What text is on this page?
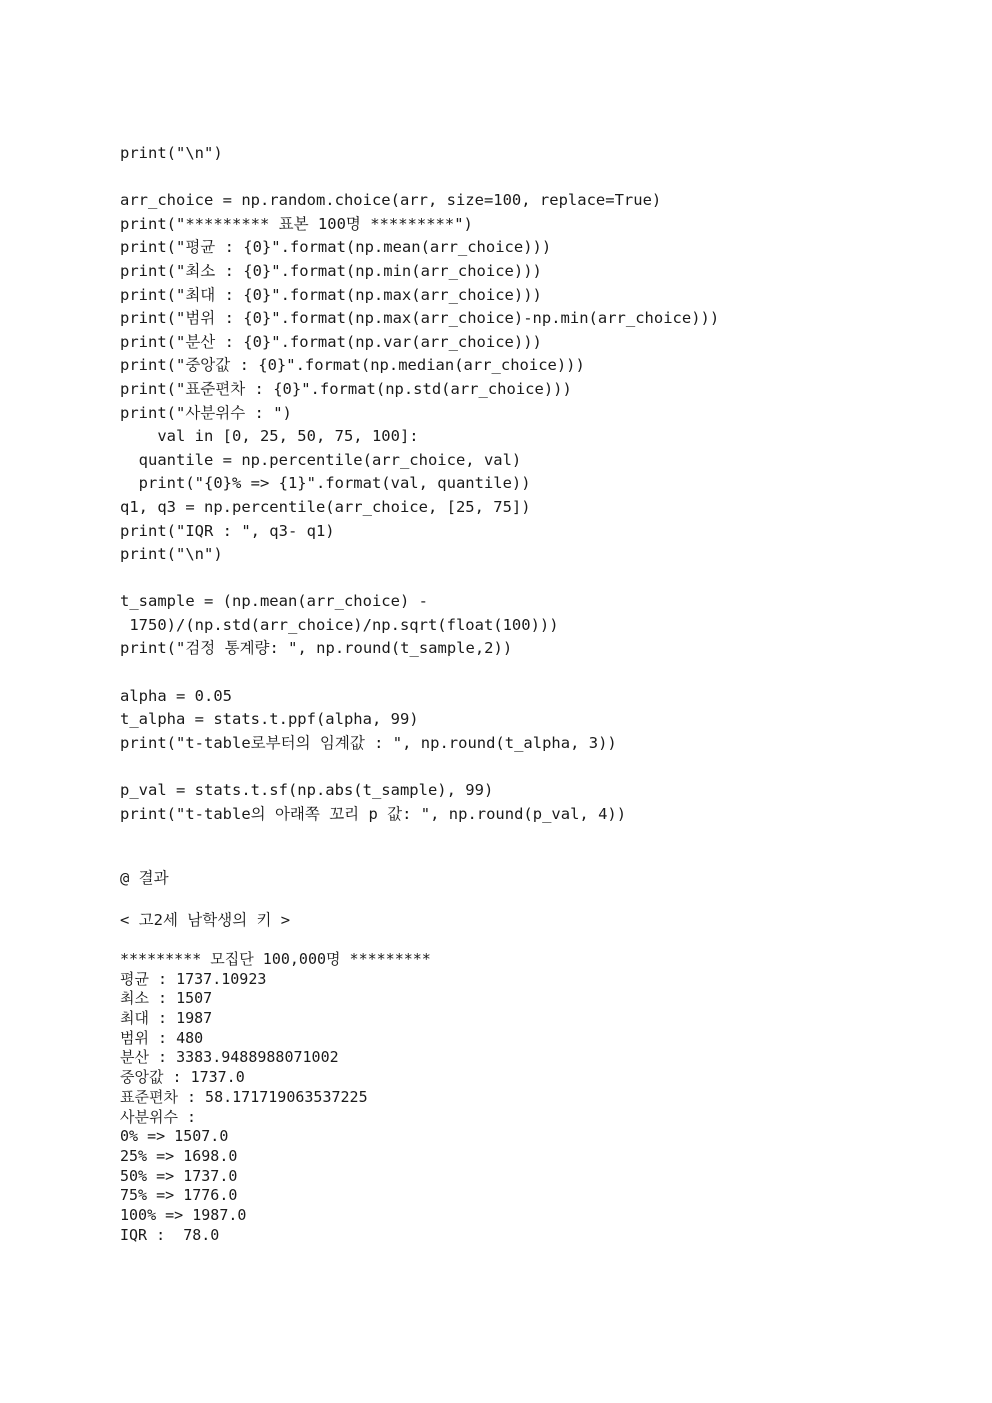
print("\n")
arr_choice = np.random.choice(arr, size=100, replace=True)
print("********* 표본 100명 *********")
print("평균 : {0}".format(np.mean(arr_choice)))
print("최소 : {0}".format(np.min(arr_choice)))
print("최대 : {0}".format(np.max(arr_choice)))
print("범위 : {0}".format(np.max(arr_choice)-np.min(arr_choice)))
print("분산 : {0}".format(np.var(arr_choice)))
print("중앙값 : {0}".format(np.median(arr_choice)))
print("표준편차 : {0}".format(np.std(arr_choice)))
print("사분위수 : ")
val in [0, 25, 50, 75, 100]:
quantile = np.percentile(arr_choice, val)
print("{0}% => {1}".format(val, quantile))
q1, q3 = np.percentile(arr_choice, [25, 75])
print("IQR : ", q3- q1)
print("\n")
t_sample = (np.mean(arr_choice) -
1750)/(np.std(arr_choice)/np.sqrt(float(100)))
print("검정 통계량: ", np.round(t_sample,2))
alpha = 0.05
t_alpha = stats.t.ppf(alpha, 99)
print("t-table로부터의 임계값 : ", np.round(t_alpha, 3))
p_val = stats.t.sf(np.abs(t_sample), 99)
print("t-table의 아래쪽 꼬리 p 값: ", np.round(p_val, 4))
@ 결과
< 고2세 남학생의 키 >
********* 모집단 100,000명 *********
평균 : 1737.10923
최소 : 1507
최대 : 1987
범위 : 480
분산 : 3383.9488988071002
중앙값 : 1737.0
표준편차 : 58.171719063537225
사분위수 :
0% => 1507.0
25% => 1698.0
50% => 1737.0
75% => 1776.0
100% => 1987.0
IQR :  78.0
